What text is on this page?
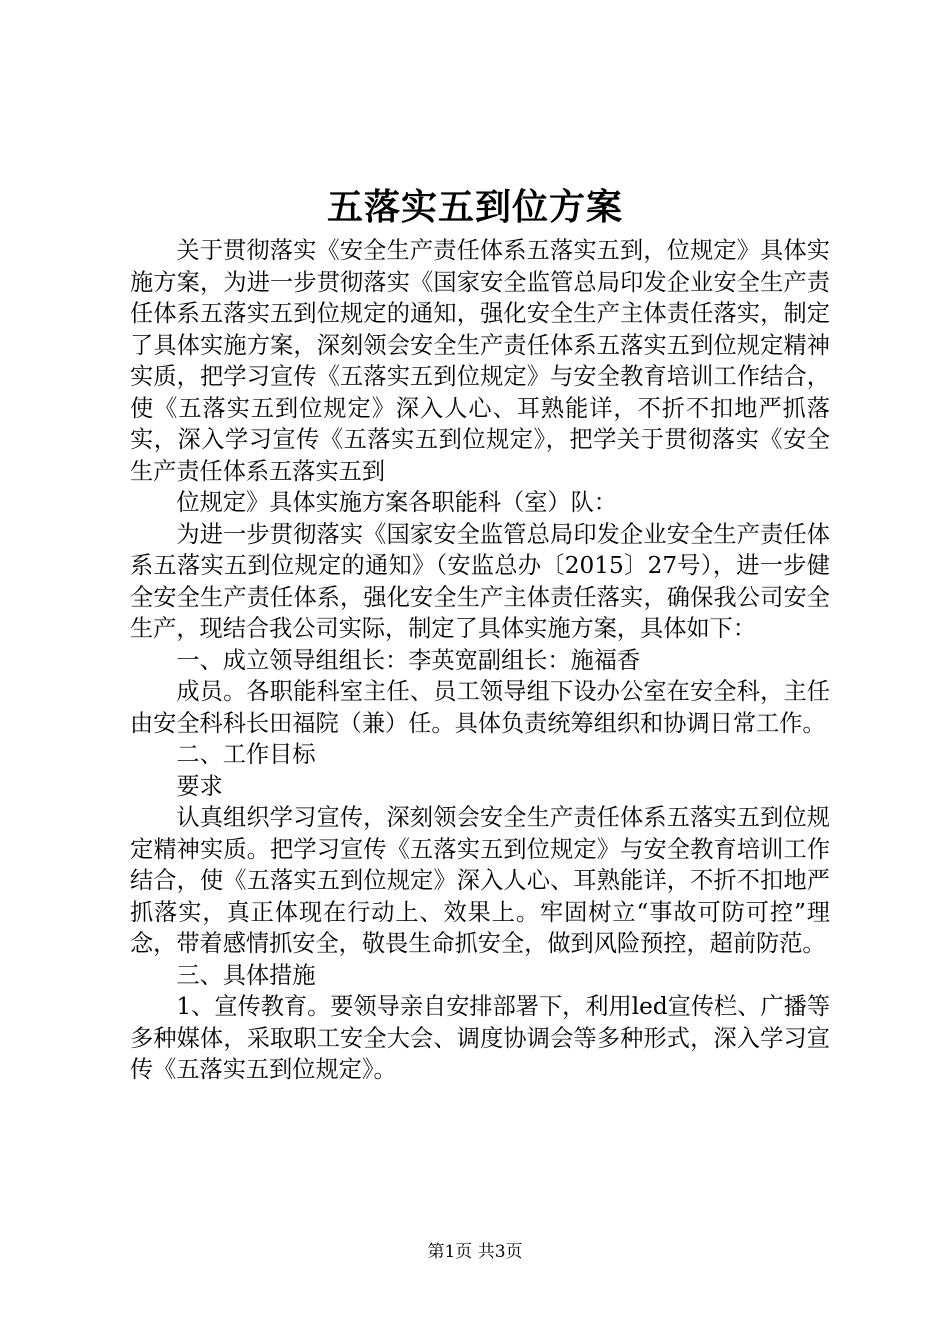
五落实五到位方案

关于贯彻落实《安全生产责任体系五落实五到，位规定》具体实施方案，为进一步贯彻落实《国家安全监管总局印发企业安全生产责任体系五落实五到位规定的通知，强化安全生产主体责任落实，制定了具体实施方案，深刻领会安全生产责任体系五落实五到位规定精神实质，把学习宣传《五落实五到位规定》与安全教育培训工作结合，使《五落实五到位规定》深入人心、耳熟能详，不折不扣地严抓落实，深入学习宣传《五落实五到位规定》，把学关于贯彻落实《安全生产责任体系五落实五到

位规定》具体实施方案各职能科（室）队：

为进一步贯彻落实《国家安全监管总局印发企业安全生产责任体系五落实五到位规定的通知》（安监总办〔2015〕27号），进一步健全安全生产责任体系，强化安全生产主体责任落实，确保我公司安全生产，现结合我公司实际，制定了具体实施方案，具体如下：

一、成立领导组组长：李英宽副组长：施福香

成员。各职能科室主任、员工领导组下设办公室在安全科，主任由安全科科长田福院（兼）任。具体负责统筹组织和协调日常工作。

二、工作目标

要求

认真组织学习宣传，深刻领会安全生产责任体系五落实五到位规定精神实质。把学习宣传《五落实五到位规定》与安全教育培训工作结合，使《五落实五到位规定》深入人心、耳熟能详，不折不扣地严抓落实，真正体现在行动上、效果上。牢固树立“事故可防可控”理念，带着感情抓安全，敬畏生命抓安全，做到风险预控，超前防范。

三、具体措施

1、宣传教育。要领导亲自安排部署下，利用led宣传栏、广播等多种媒体，采取职工安全大会、调度协调会等多种形式，深入学习宣传《五落实五到位规定》。

第1页 共3页
